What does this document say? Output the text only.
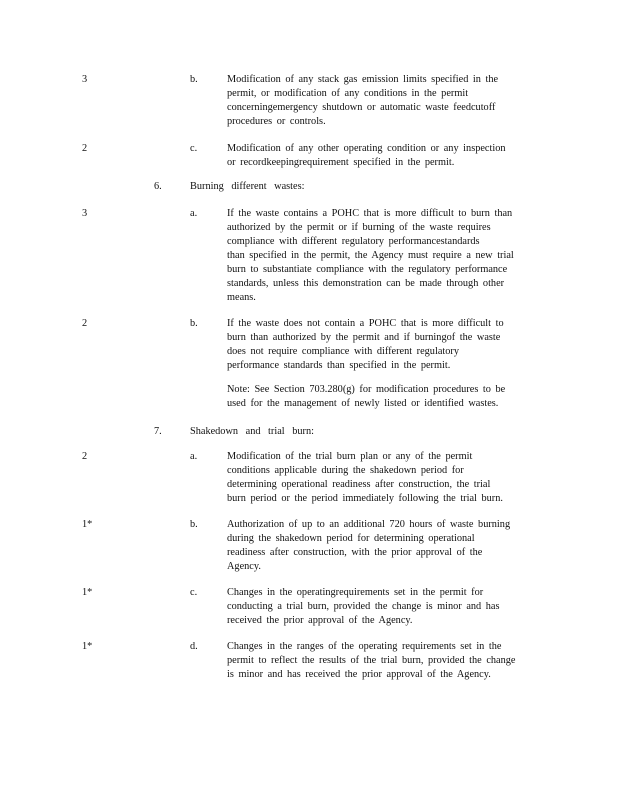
3	b.	Modification of any stack gas emission limits specified in the
permit, or modification of any conditions in the permit
concerningemergency shutdown or automatic waste feedcutoff
procedures or controls.
2	c.	Modification of any other operating condition or any inspection
or recordkeepingrequirement specified in the permit.
6.	Burning different wastes:
3	a.	If the waste contains a POHC that is more difficult to burn than
authorized by the permit or if burning of the waste requires
compliance with different regulatory performancestandards
than specified in the permit, the Agency must require a new trial
burn to substantiate compliance with the regulatory performance
standards, unless this demonstration can be made through other
means.
2	b.	If the waste does not contain a POHC that is more difficult to
burn than authorized by the permit and if burningof the waste
does not require compliance with different regulatory
performance standards than specified in the permit.
Note: See Section 703.280(g) for modification procedures to be
used for the management of newly listed or identified wastes.
7.	Shakedown and trial burn:
2	a.	Modification of the trial burn plan or any of the permit
conditions applicable during the shakedown period for
determining operational readiness after construction, the trial
burn period or the period immediately following the trial burn.
1*	b.	Authorization of up to an additional 720 hours of waste burning
during the shakedown period for determining operational
readiness after construction, with the prior approval of the
Agency.
1*	c.	Changes in the operatingrequirements set in the permit for
conducting a trial burn, provided the change is minor and has
received the prior approval of the Agency.
1*	d.	Changes in the ranges of the operating requirements set in the
permit to reflect the results of the trial burn, provided the change
is minor and has received the prior approval of the Agency.
